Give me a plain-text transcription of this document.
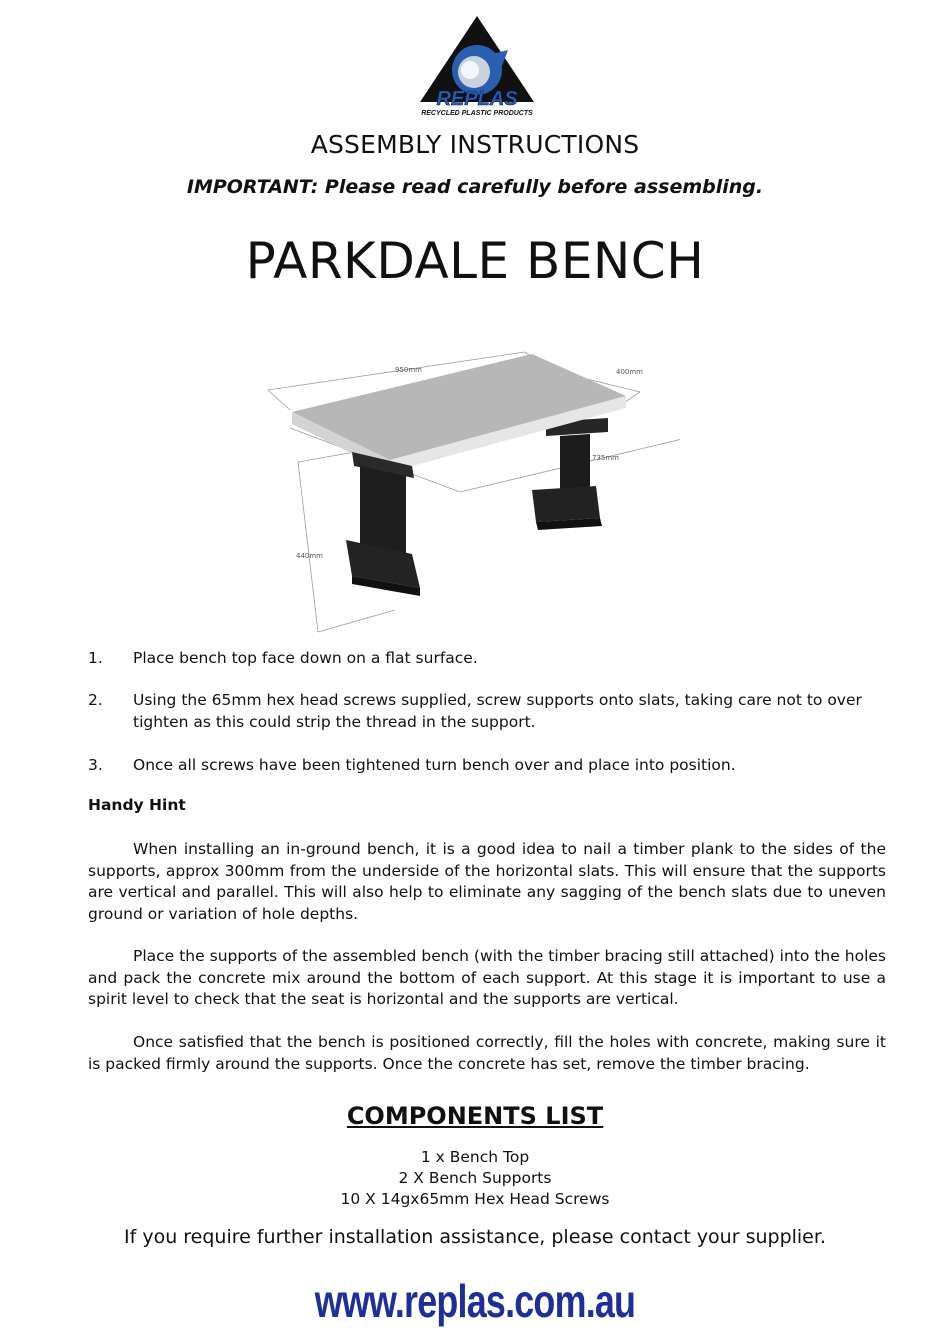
REPLAS
RECYCLED PLASTIC PRODUCTS
ASSEMBLY INSTRUCTIONS
IMPORTANT: Please read carefully before assembling.
PARKDALE BENCH
950mm	400mm
735mm
440mm
1. Place bench top face down on a flat surface.
2. Using the 65mm hex head screws supplied, screw supports onto slats, taking care not to over tighten as this could strip the thread in the support.
3. Once all screws have been tightened turn bench over and place into position.
Handy Hint
When installing an in-ground bench, it is a good idea to nail a timber plank to the sides of the supports, approx 300mm from the underside of the horizontal slats. This will ensure that the supports are vertical and parallel. This will also help to eliminate any sagging of the bench slats due to uneven ground or variation of hole depths.
Place the supports of the assembled bench (with the timber bracing still attached) into the holes and pack the concrete mix around the bottom of each support. At this stage it is important to use a spirit level to check that the seat is horizontal and the supports are vertical.
Once satisfied that the bench is positioned correctly, fill the holes with concrete, making sure it is packed firmly around the supports. Once the concrete has set, remove the timber bracing.
COMPONENTS LIST
1 x Bench Top
2 X Bench Supports
10 X 14gx65mm Hex Head Screws
If you require further installation assistance, please contact your supplier.
www.replas.com.au
